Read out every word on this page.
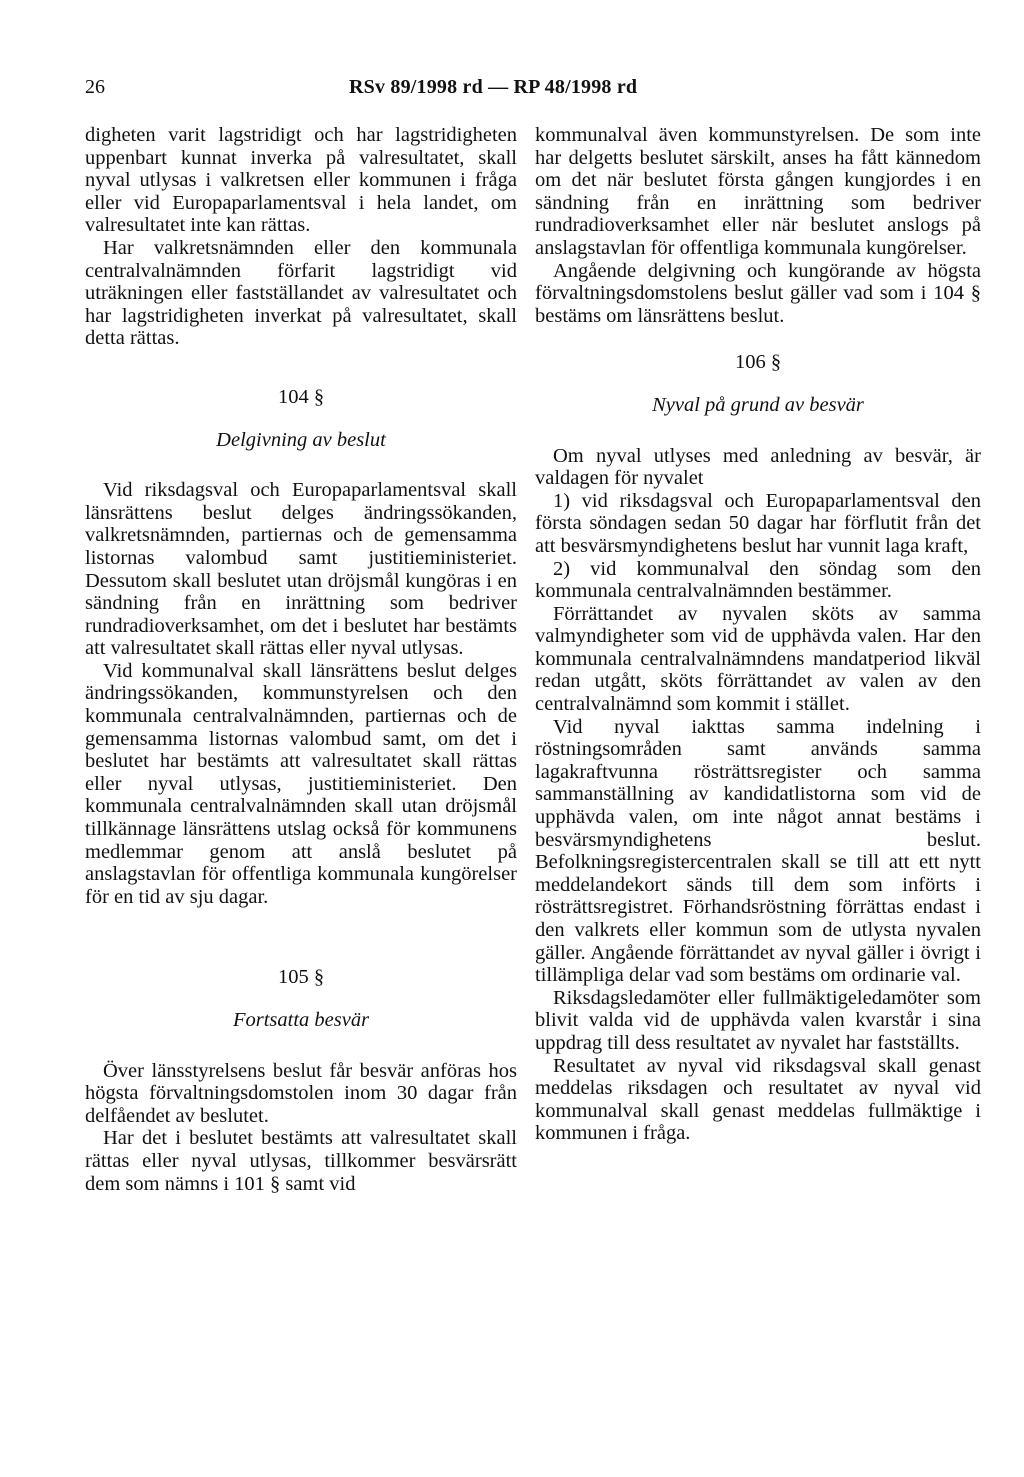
26	RSv 89/1998 rd — RP 48/1998 rd

digheten varit lagstridigt och har lagstridigheten uppenbart kunnat inverka på valresultatet, skall nyval utlysas i valkretsen eller kommunen i fråga eller vid Europaparlamentsval i hela landet, om valresultatet inte kan rättas.

Har valkretsnämnden eller den kommunala centralvalnämnden förfarit lagstridigt vid uträkningen eller fastställandet av valresultatet och har lagstridigheten inverkat på valresultatet, skall detta rättas.

104 §
Delgivning av beslut

Vid riksdagsval och Europaparlamentsval skall länsrättens beslut delges ändringssökanden, valkretsnämnden, partiernas och de gemensamma listornas valombud samt justitieministeriet. Dessutom skall beslutet utan dröjsmål kungöras i en sändning från en inrättning som bedriver rundradioverksamhet, om det i beslutet har bestämts att valresultatet skall rättas eller nyval utlysas.

Vid kommunalval skall länsrättens beslut delges ändringssökanden, kommunstyrelsen och den kommunala centralvalnämnden, partiernas och de gemensamma listornas valombud samt, om det i beslutet har bestämts att valresultatet skall rättas eller nyval utlysas, justitieministeriet. Den kommunala centralvalnämnden skall utan dröjsmål tillkännage länsrättens utslag också för kommunens medlemmar genom att anslå beslutet på anslagstavlan för offentliga kommunala kungörelser för en tid av sju dagar.

105 §
Fortsatta besvär

Över länsstyrelsens beslut får besvär anföras hos högsta förvaltningsdomstolen inom 30 dagar från delfåendet av beslutet.

Har det i beslutet bestämts att valresultatet skall rättas eller nyval utlysas, tillkommer besvärsrätt dem som nämns i 101 § samt vid

kommunalval även kommunstyrelsen. De som inte har delgetts beslutet särskilt, anses ha fått kännedom om det när beslutet första gången kungjordes i en sändning från en inrättning som bedriver rundradioverksamhet eller när beslutet anslogs på anslagstavlan för offentliga kommunala kungörelser.

Angående delgivning och kungörande av högsta förvaltningsdomstolens beslut gäller vad som i 104 § bestäms om länsrättens beslut.

106 §
Nyval på grund av besvär

Om nyval utlyses med anledning av besvär, är valdagen för nyvalet

1) vid riksdagsval och Europaparlamentsval den första söndagen sedan 50 dagar har förflutit från det att besvärsmyndighetens beslut har vunnit laga kraft,

2) vid kommunalval den söndag som den kommunala centralvalnämnden bestämmer.

Förrättandet av nyvalen sköts av samma valmyndigheter som vid de upphävda valen. Har den kommunala centralvalnämndens mandatperiod likväl redan utgått, sköts förrättandet av valen av den centralvalnämnd som kommit i stället.

Vid nyval iakttas samma indelning i röstningsområden samt används samma lagakraftvunna rösträttsregister och samma sammanställning av kandidatlistorna som vid de upphävda valen, om inte något annat bestäms i besvärsmyndighetens beslut. Befolkningsregistercentralen skall se till att ett nytt meddelandekort sänds till dem som införts i rösträttsregistret. Förhandsröstning förrättas endast i den valkrets eller kommun som de utlysta nyvalen gäller. Angående förrättandet av nyval gäller i övrigt i tillämpliga delar vad som bestäms om ordinarie val.

Riksdagsledamöter eller fullmäktigeledamöter som blivit valda vid de upphävda valen kvarstår i sina uppdrag till dess resultatet av nyvalet har fastställts.

Resultatet av nyval vid riksdagsval skall genast meddelas riksdagen och resultatet av nyval vid kommunalval skall genast meddelas fullmäktige i kommunen i fråga.
